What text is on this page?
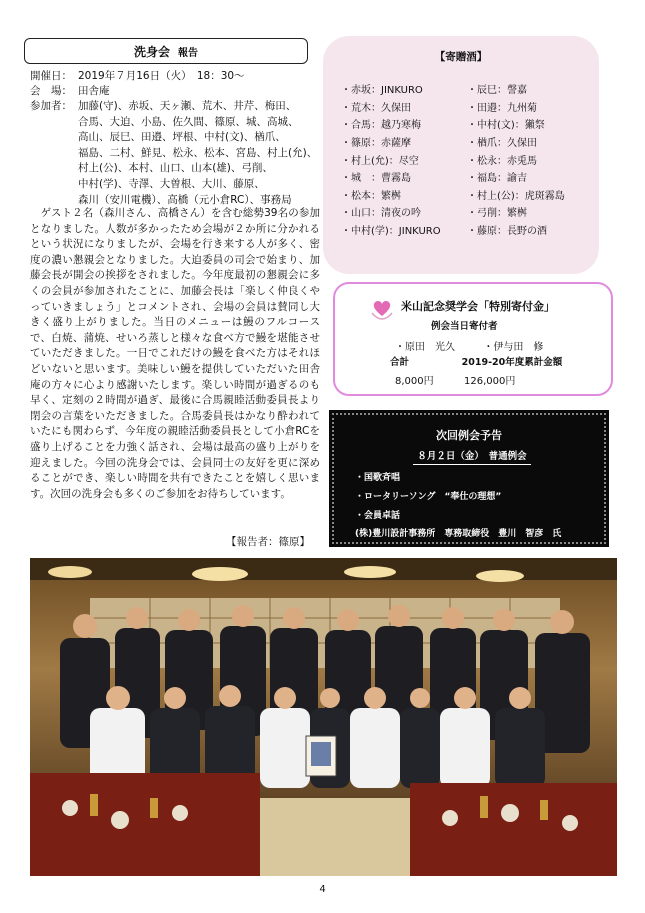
洗身会 報告
開催日： 2019年７月16日（火）　18：30～
会　場： 田舎庵
参加者： 加藤(守)、赤坂、天ヶ瀬、荒木、井芹、梅田、
合馬、大迫、小島、佐久間、篠原、城、高城、
高山、辰巳、田邉、坪根、中村(文)、楢爪、
福島、二村、鮮見、松永、松本、宮島、村上(允)、
村上(公)、本村、山口、山本(雄)、弓削、
中村(学)、寺澤、大曽根、大川、藤原、
森川（安川電機）、高橋（元小倉RC）、事務局

　ゲスト２名（森川さん、高橋さん）を含む総勢39名の参加となりました。人数が多かったため会場が２か所に分かれるという状況になりましたが、会場を行き来する人が多く、密度の濃い懇親会となりました。大迫委員の司会で始まり、加藤会長が開会の挨拶をされました。今年度最初の懇親会に多くの会員が参加されたことに、加藤会長は「楽しく仲良くやっていきましょう」とコメントされ、会場の会員は賛同し大きく盛り上がりました。当日のメニューは鰻のフルコースで、白焼、蒲焼、せいろ蒸しと様々な食べ方で鰻を堪能させていただきました。一日でこれだけの鰻を食べた方はそれほどいないと思います。美味しい鰻を提供していただいた田舎庵の方々に心より感謝いたします。楽しい時間が過ぎるのも早く、定刻の２時間が過ぎ、最後に合馬親睦活動委員長より閉会の言葉をいただきました。合馬委員長はかなり酔われていたにも関わらず、今年度の親睦活動委員長として小倉RCを盛り上げることを力強く話され、会場は最高の盛り上がりを迎えました。今回の洗身会では、会員同士の友好を更に深めることができ、楽しい時間を共有できたことを嬉しく思います。次回の洗身会も多くのご参加をお待ちしています。

【報告者：篠原】
【寄贈酒】
・赤坂：JINKURO	・辰巳：謦嘉
・荒木：久保田	・田邉：九州菊
・合馬：越乃寒梅	・中村(文)：獺祭
・篠原：赤薩摩	・楢爪：久保田
・村上(允)：尽空	・松永：赤兎馬
・城　：曹霧島	・福島：諭吉
・松本：繁桝	・村上(公)：虎斑霧島
・山口：清夜の吟	・弓削：繁桝
・中村(学)：JINKURO	・藤原：長野の酒
米山記念奨学会「特別寄付金」
例会当日寄付者
・原田　光久	・伊与田　修
合計	2019-20年度累計金額
8,000円	126,000円
次回例会予告
８月２日（金）　普通例会
・国歌斉唱
・ロータリーソング　“奉仕の理想”
・会員卓話
(株)豊川設計事務所　専務取締役　豊川　智彦　氏
4
